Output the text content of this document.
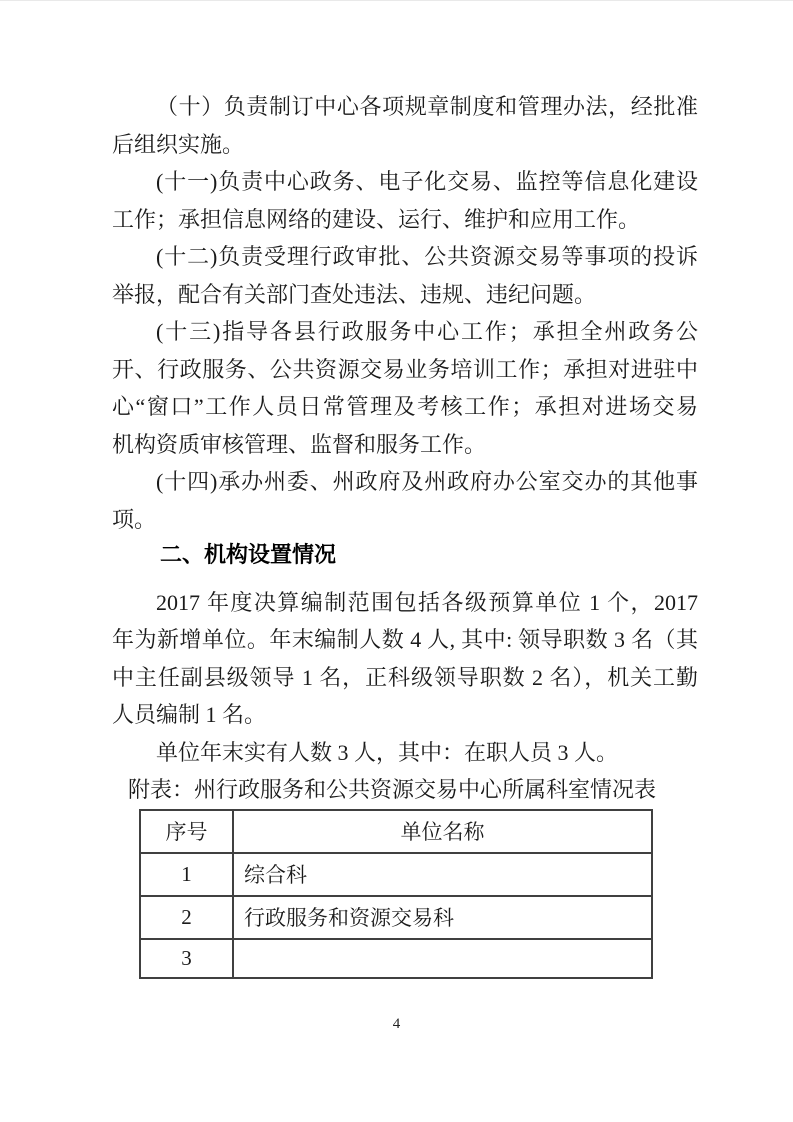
（十）负责制订中心各项规章制度和管理办法，经批准
后组织实施。
(十一)负责中心政务、电子化交易、监控等信息化建设
工作；承担信息网络的建设、运行、维护和应用工作。
(十二)负责受理行政审批、公共资源交易等事项的投诉
举报，配合有关部门查处违法、违规、违纪问题。
(十三)指导各县行政服务中心工作；承担全州政务公
开、行政服务、公共资源交易业务培训工作；承担对进驻中
心“窗口”工作人员日常管理及考核工作；承担对进场交易
机构资质审核管理、监督和服务工作。
(十四)承办州委、州政府及州政府办公室交办的其他事
项。
二、机构设置情况
2017 年度决算编制范围包括各级预算单位 1 个，2017
年为新增单位。年末编制人数 4 人, 其中: 领导职数 3 名（其
中主任副县级领导 1 名，正科级领导职数 2 名），机关工勤
人员编制 1 名。
单位年末实有人数 3 人，其中：在职人员 3 人。
附表：州行政服务和公共资源交易中心所属科室情况表
序号	单位名称
1	综合科
2	行政服务和资源交易科
3	
4
